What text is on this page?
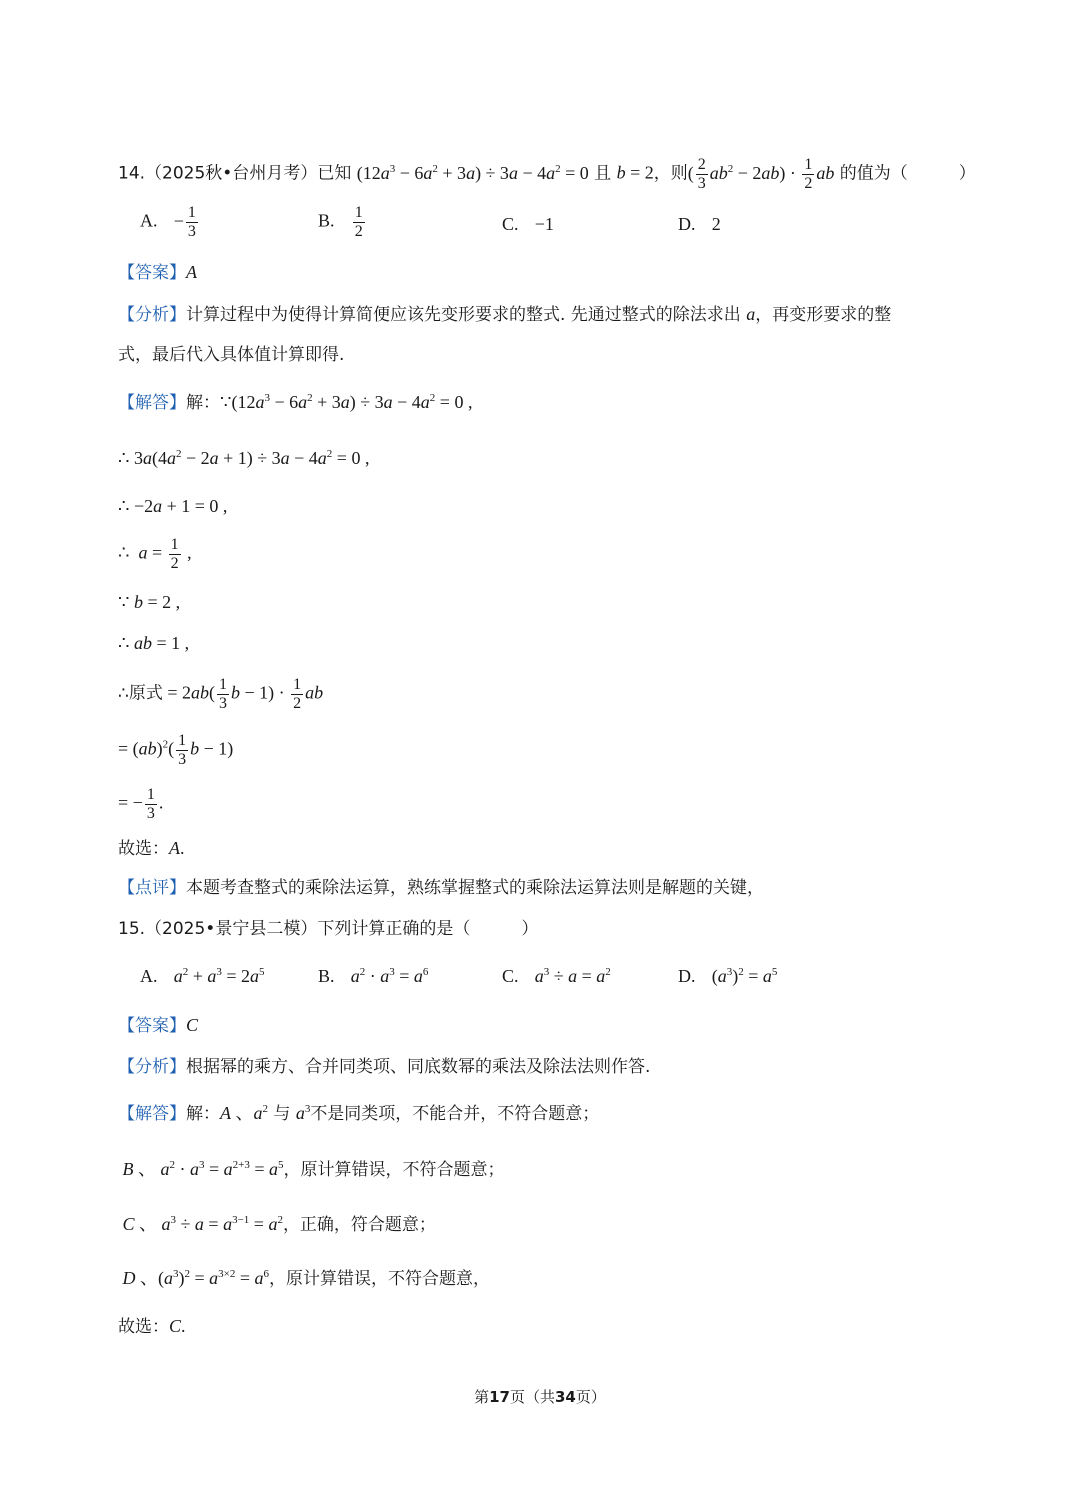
14.（2025秋•台州月考）已知 $(12a^3 - 6a^2 + 3a) \div 3a - 4a^2 = 0$ 且 b = 2，则( $\frac{2}{3} ab^2 - 2ab) \cdot \frac{1}{2}$ ab 的值为（　　　）
A. − $\frac{1}{3}$	B. $\frac{1}{2}$	C. −1	D. 2
【答案】A
【分析】计算过程中为使得计算简便应该先变形要求的整式. 先通过整式的除法求出 a，再变形要求的整
式，最后代入具体值计算即得.
【解答】解：$\because(12a^3 - 6a^2 + 3a) \div 3a - 4a^2 = 0$ ,
∴ $3a(4a^2 - 2a + 1) \div 3a - 4a^2 = 0$ ,
∴ −2a + 1 = 0 ,
∴  $a = \frac{1}{2}$ ,
∵ b = 2 ,
∴ ab = 1 ,
∴原式 = $2ab( \frac{1}{3}$ $b - 1) \cdot \frac{1}{2}$ ab
= $(ab)^2( \frac{1}{3}$ b − 1)
= − $\frac{1}{3}$ .
故选：A.
【点评】本题考查整式的乘除法运算，熟练掌握整式的乘除法运算法则是解题的关键，
15.（2025•景宁县二模）下列计算正确的是（　　　）
A. $a^2 + a^3 = 2a^5$	B. $a^2 \cdot a^3 = a^6$	C. $a^3 \div a = a^2$	D. $(a^3)^2 = a^5$
【答案】C
【分析】根据幂的乘方、合并同类项、同底数幂的乘法及除法法则作答.
【解答】解：A 、$a^2$ 与 $a^3$不是同类项，不能合并，不符合题意；
B 、 $a^2 \cdot a^3 = a^{2+3} = a^5$，原计算错误，不符合题意；
C 、 $a^3 \div a = a^{3-1} = a^2$，正确，符合题意；
D 、$(a^3)^2 = a^{3\times 2} = a^6$，原计算错误，不符合题意，
故选：C.
第17页（共34页）
